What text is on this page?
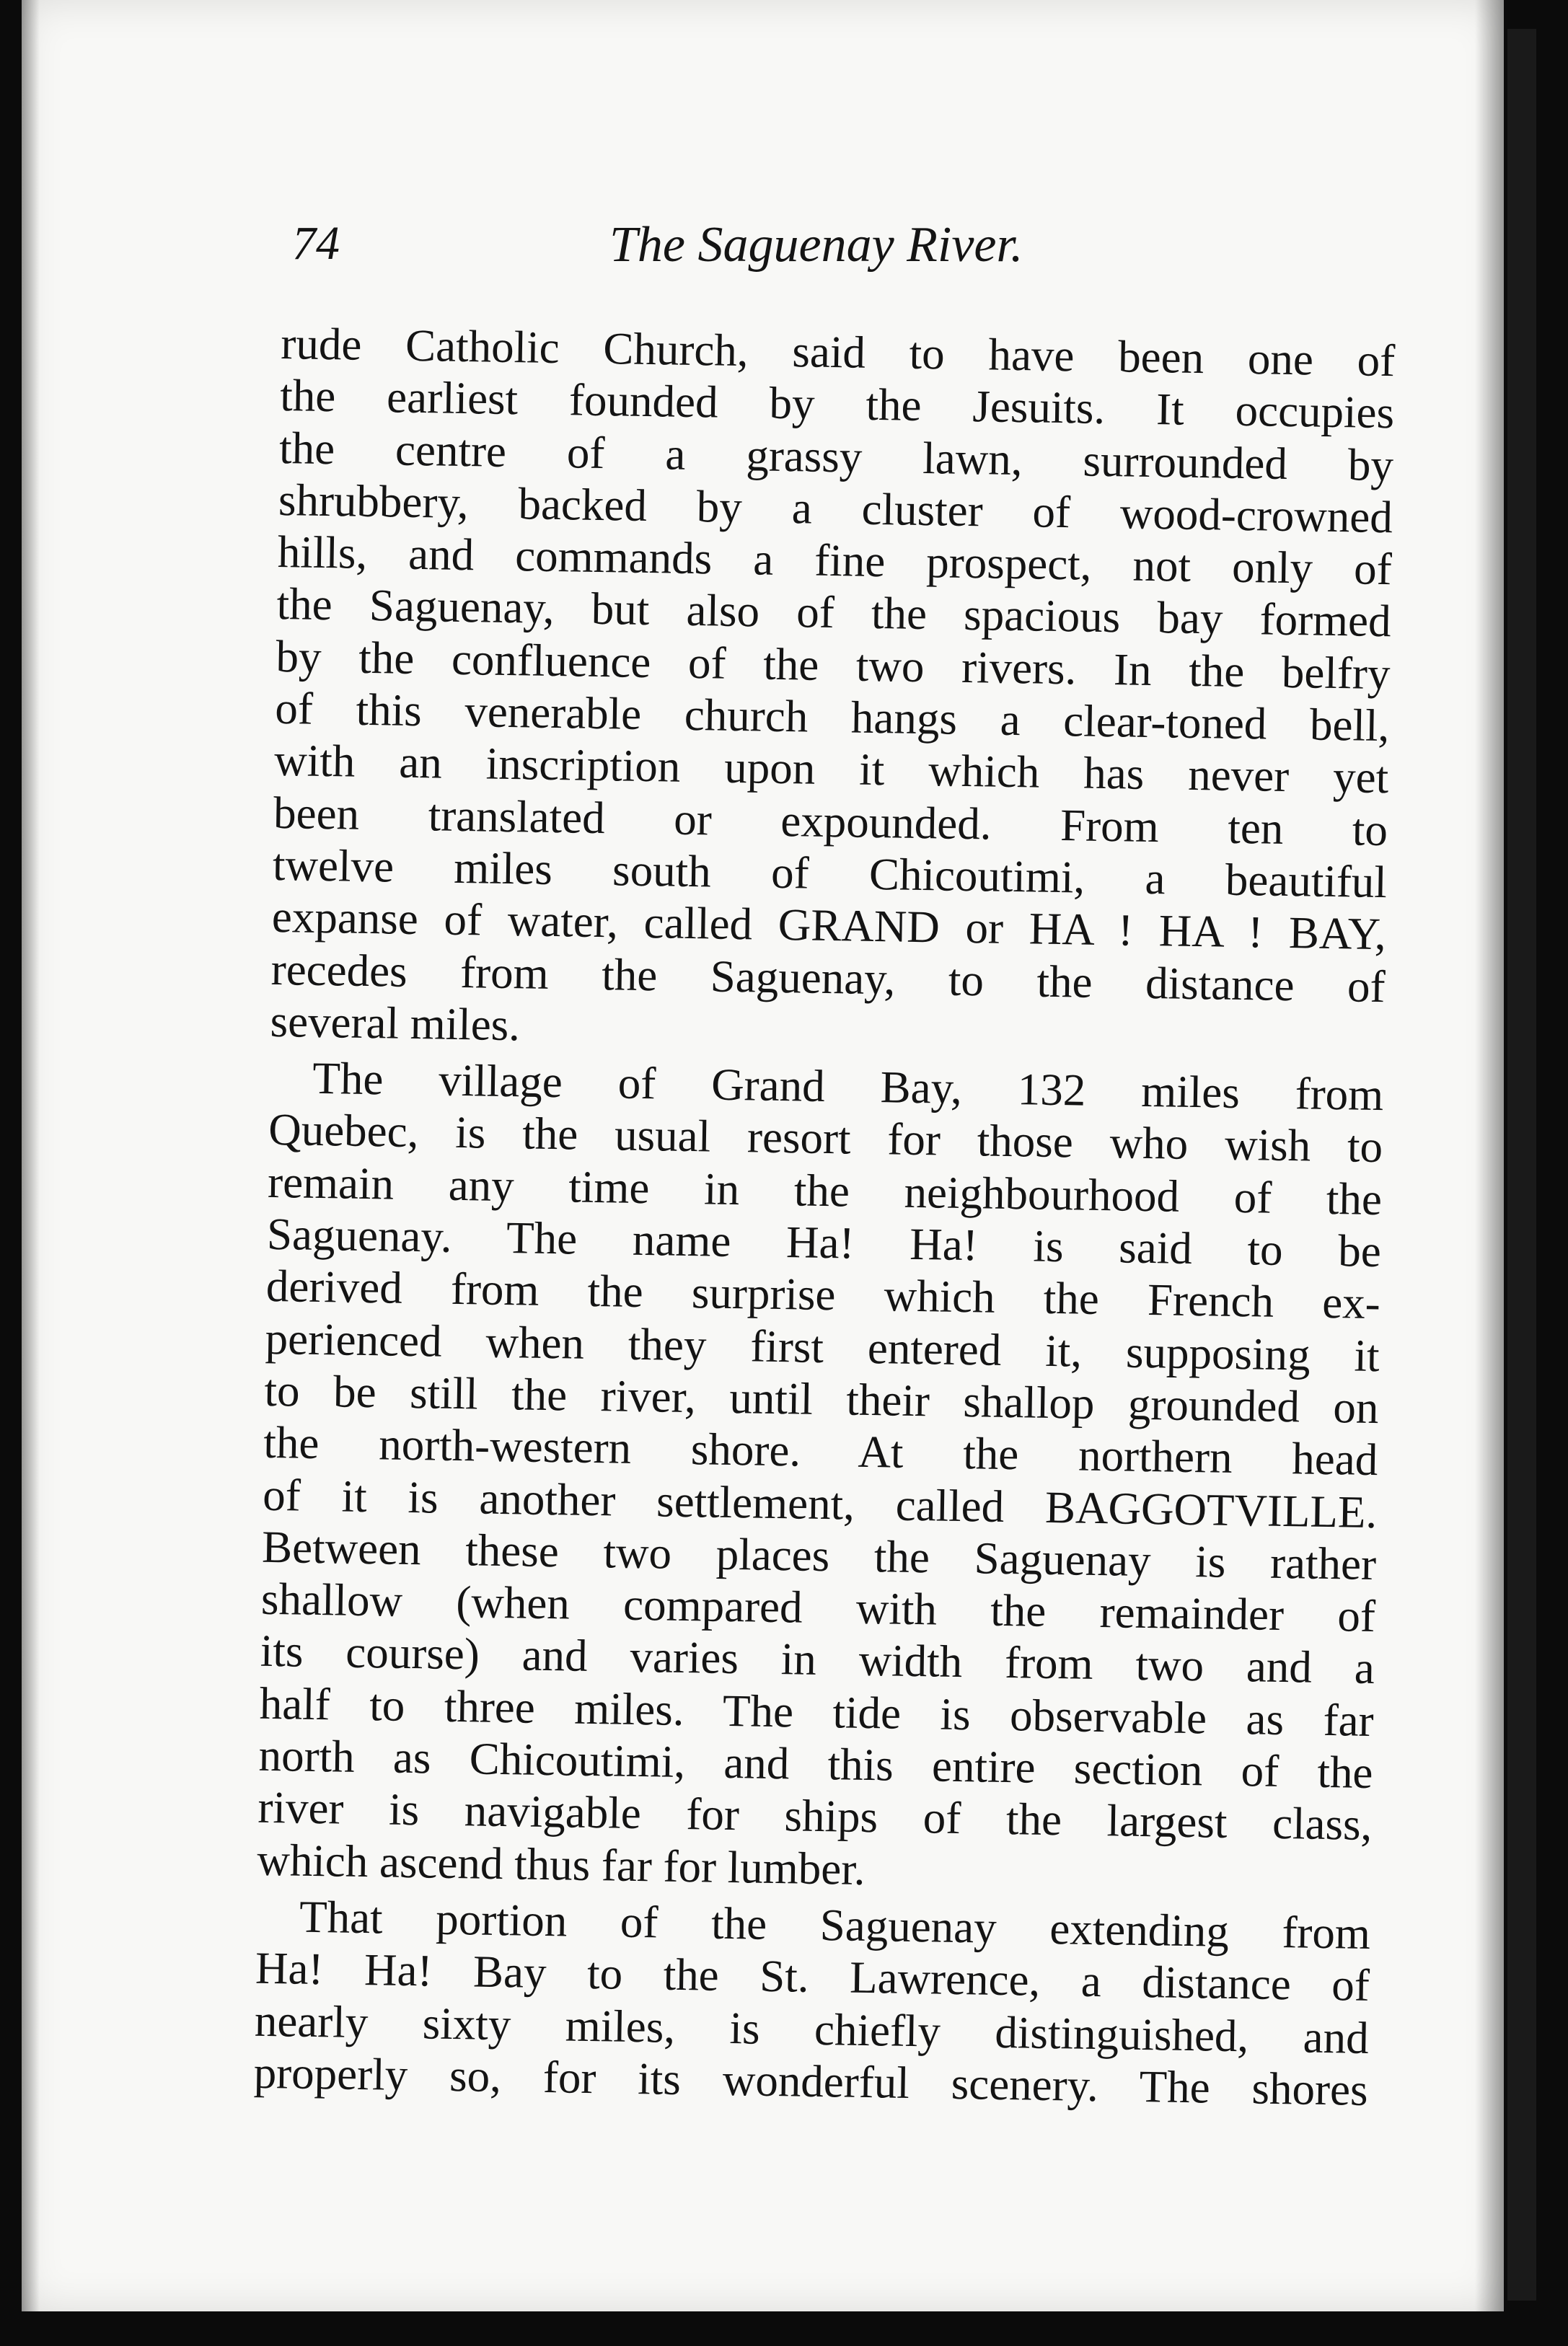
74	The Saguenay River.
rude Catholic Church, said to have been one of
the earliest founded by the Jesuits. It occupies
the centre of a grassy lawn, surrounded by
shrubbery, backed by a cluster of wood-crowned
hills, and commands a fine prospect, not only of
the Saguenay, but also of the spacious bay formed
by the confluence of the two rivers. In the belfry
of this venerable church hangs a clear-toned bell,
with an inscription upon it which has never yet
been translated or expounded. From ten to
twelve miles south of Chicoutimi, a beautiful
expanse of water, called GRAND or HA ! HA ! BAY,
recedes from the Saguenay, to the distance of
several miles.
The village of Grand Bay, 132 miles from
Quebec, is the usual resort for those who wish to
remain any time in the neighbourhood of the
Saguenay. The name Ha! Ha! is said to be
derived from the surprise which the French ex-
perienced when they first entered it, supposing it
to be still the river, until their shallop grounded on
the north-western shore. At the northern head
of it is another settlement, called BAGGOTVILLE.
Between these two places the Saguenay is rather
shallow (when compared with the remainder of
its course) and varies in width from two and a
half to three miles. The tide is observable as far
north as Chicoutimi, and this entire section of the
river is navigable for ships of the largest class,
which ascend thus far for lumber.
That portion of the Saguenay extending from
Ha! Ha! Bay to the St. Lawrence, a distance of
nearly sixty miles, is chiefly distinguished, and
properly so, for its wonderful scenery. The shores
